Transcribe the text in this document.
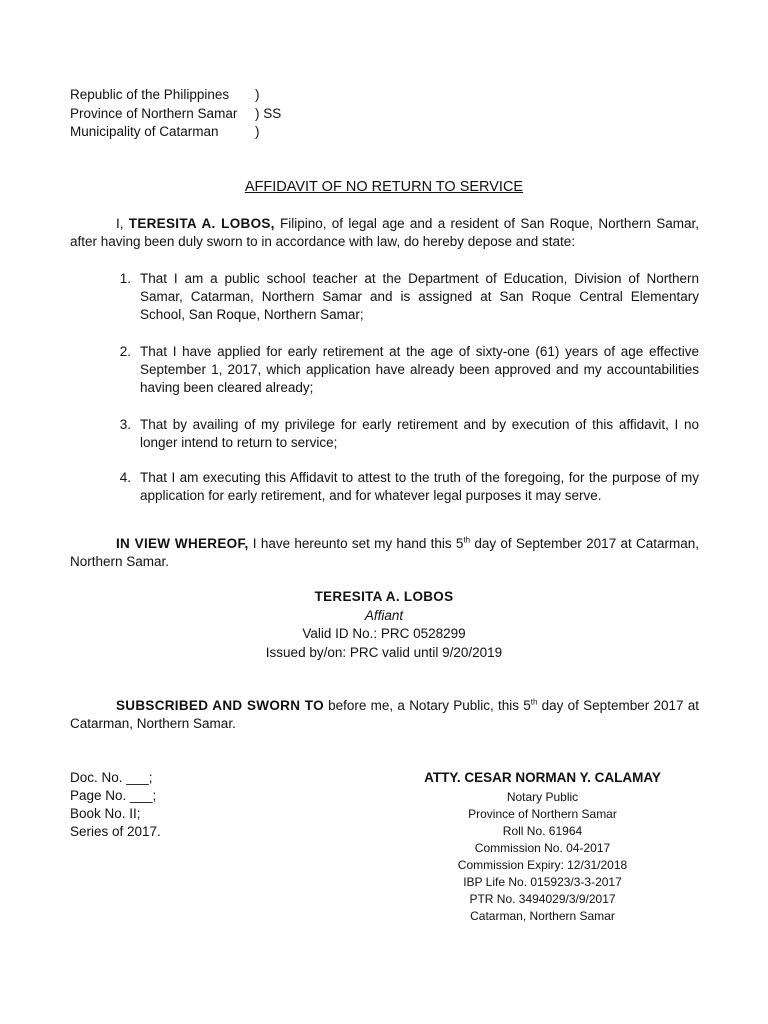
Republic of the Philippines	)
Province of Northern Samar	) SS
Municipality of Catarman	)
AFFIDAVIT OF NO RETURN TO SERVICE

I, TERESITA A. LOBOS, Filipino, of legal age and a resident of San Roque, Northern Samar, after having been duly sworn to in accordance with law, do hereby depose and state:

1. That I am a public school teacher at the Department of Education, Division of Northern Samar, Catarman, Northern Samar and is assigned at San Roque Central Elementary School, San Roque, Northern Samar;
2. That I have applied for early retirement at the age of sixty-one (61) years of age effective September 1, 2017, which application have already been approved and my accountabilities having been cleared already;
3. That by availing of my privilege for early retirement and by execution of this affidavit, I no longer intend to return to service;
4. That I am executing this Affidavit to attest to the truth of the foregoing, for the purpose of my application for early retirement, and for whatever legal purposes it may serve.

IN VIEW WHEREOF, I have hereunto set my hand this 5th day of September 2017 at Catarman, Northern Samar.

TERESITA A. LOBOS
Affiant
Valid ID No.: PRC 0528299
Issued by/on: PRC valid until 9/20/2019

SUBSCRIBED AND SWORN TO before me, a Notary Public, this 5th day of September 2017 at Catarman, Northern Samar.

Doc. No. ___;
Page No. ___;
Book No. II;
Series of 2017.
ATTY. CESAR NORMAN Y. CALAMAY
Notary Public
Province of Northern Samar
Roll No. 61964
Commission No. 04-2017
Commission Expiry: 12/31/2018
IBP Life No. 015923/3-3-2017
PTR No. 3494029/3/9/2017
Catarman, Northern Samar
